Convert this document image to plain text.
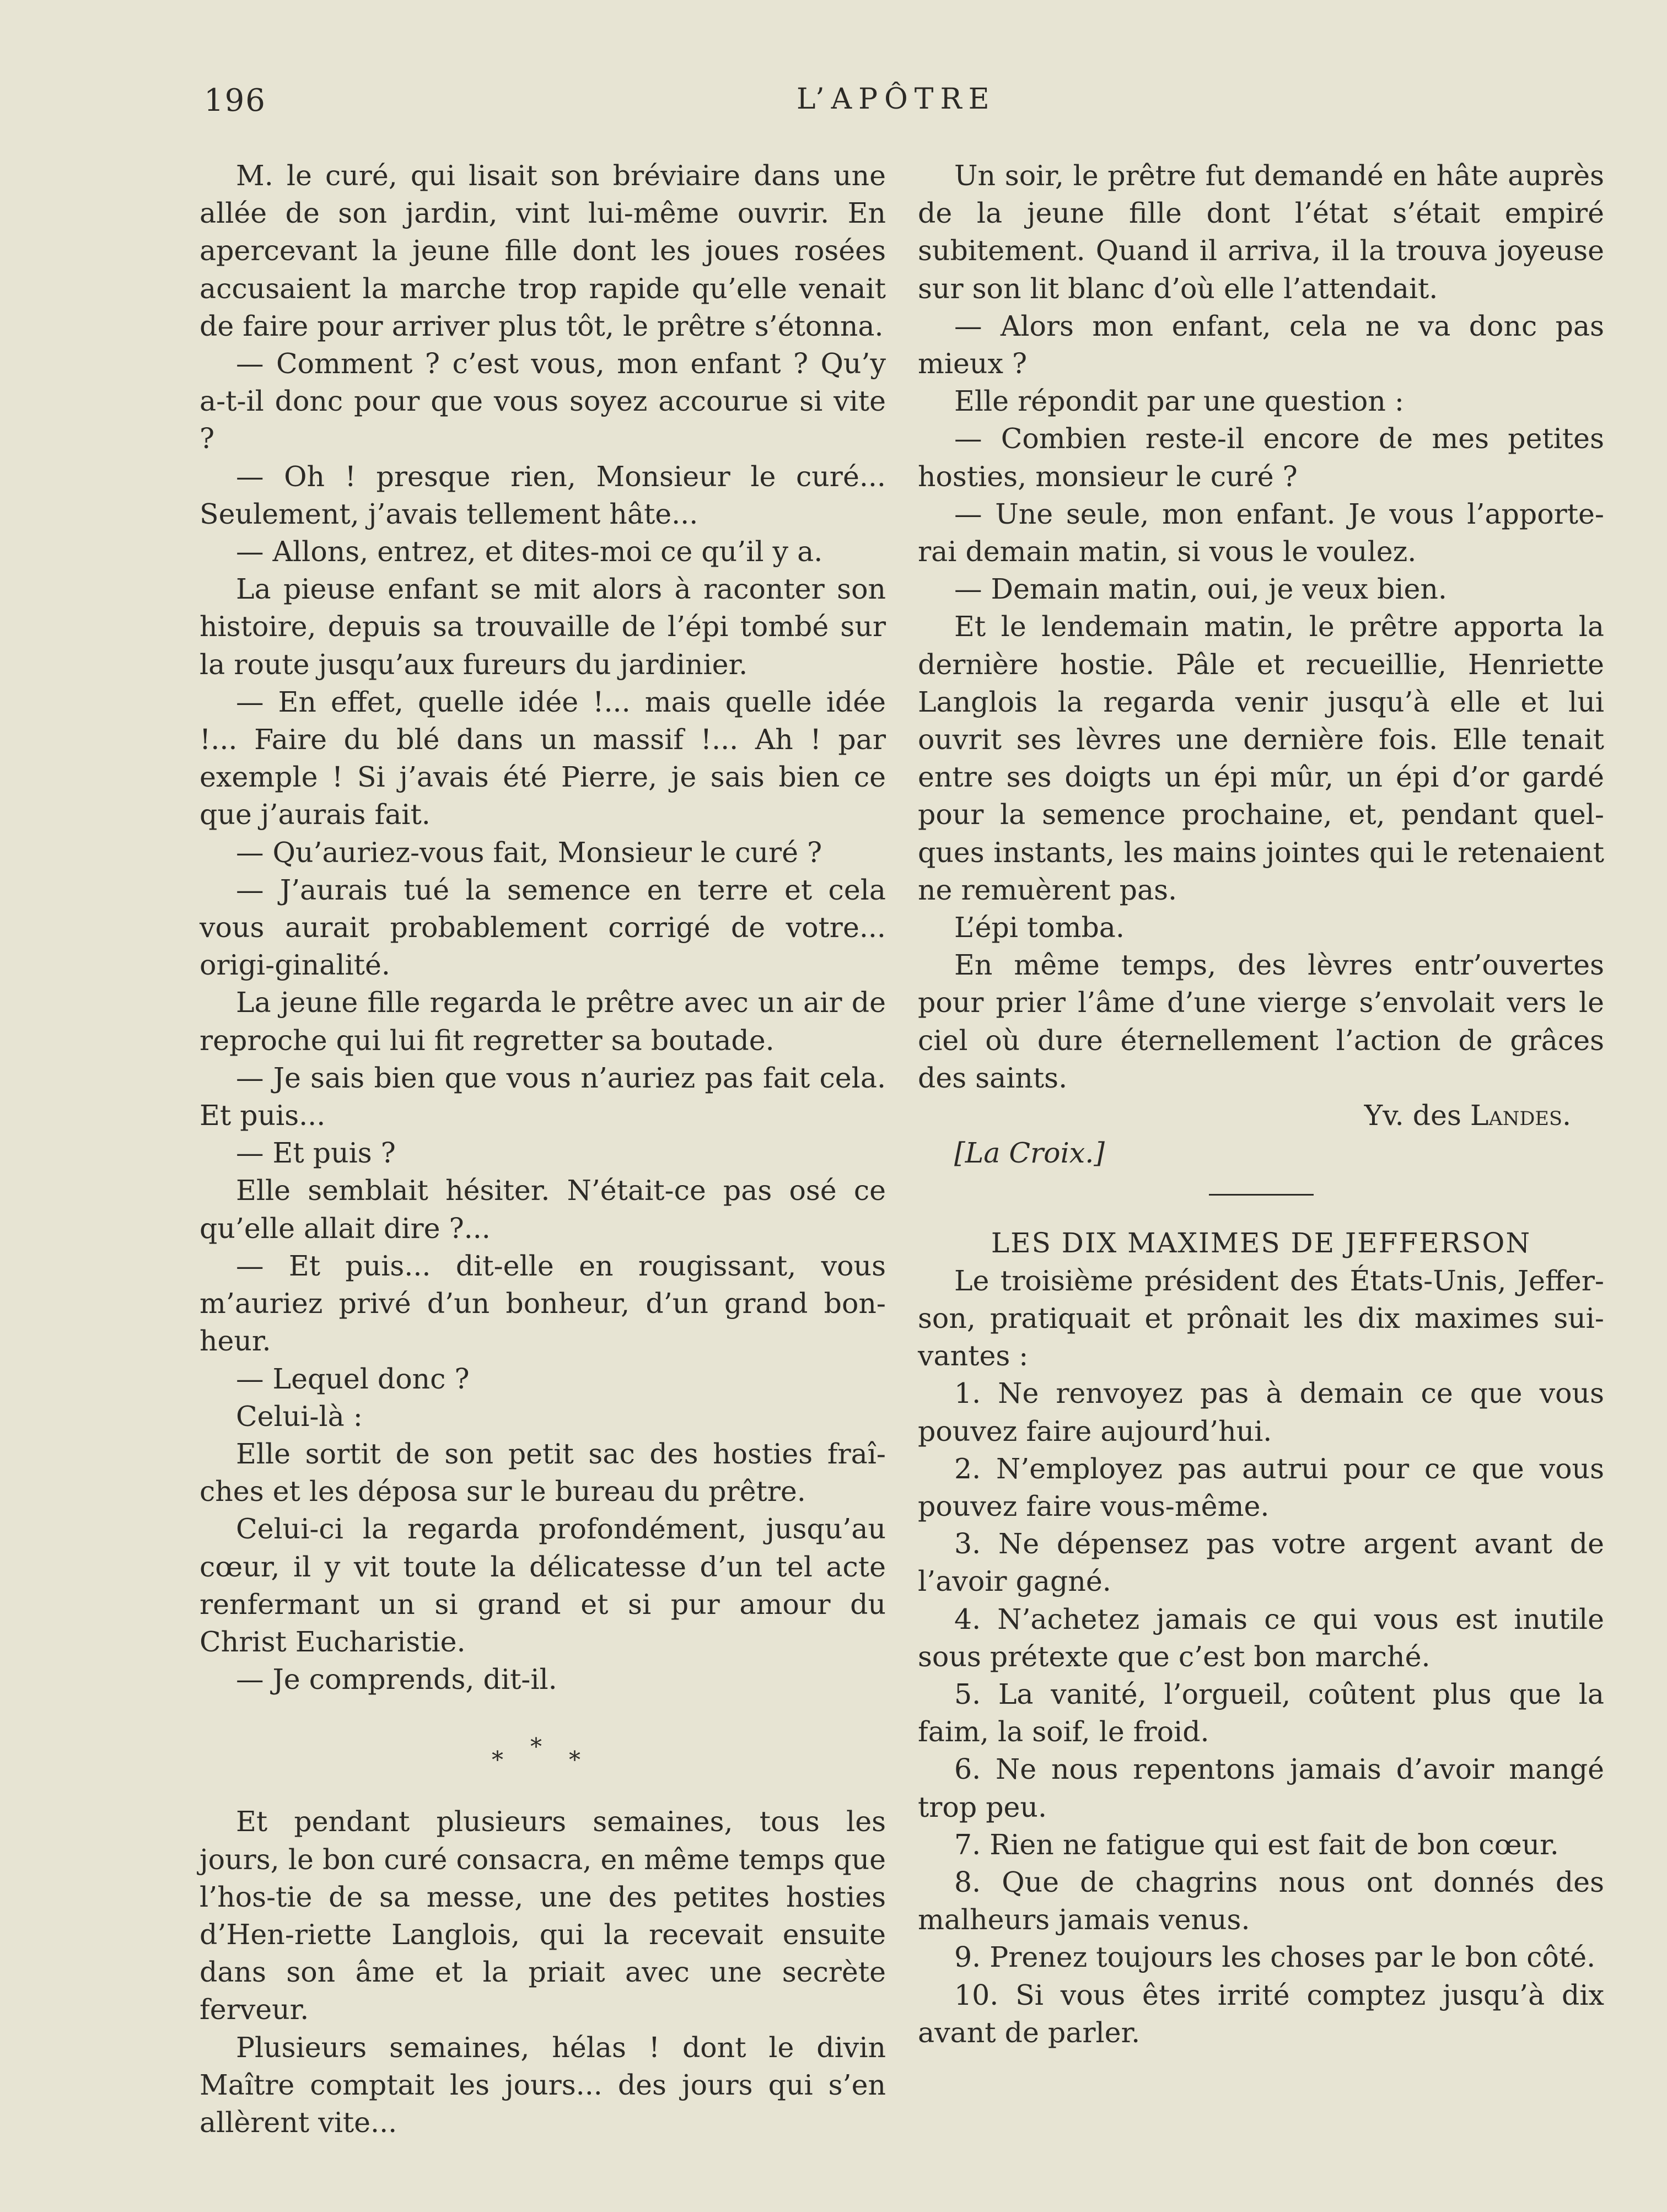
196	L’APÔTRE

M. le curé, qui lisait son bréviaire dans une allée de son jardin, vint lui-même ouvrir. En apercevant la jeune fille dont les joues rosées accusaient la marche trop rapide qu’elle venait de faire pour arriver plus tôt, le prêtre s’étonna.

— Comment ? c’est vous, mon enfant ? Qu’y a-t-il donc pour que vous soyez accourue si vite ?

— Oh ! presque rien, Monsieur le curé... Seulement, j’avais tellement hâte...

— Allons, entrez, et dites-moi ce qu’il y a.

La pieuse enfant se mit alors à raconter son histoire, depuis sa trouvaille de l’épi tombé sur la route jusqu’aux fureurs du jardinier.

— En effet, quelle idée !... mais quelle idée !... Faire du blé dans un massif !... Ah ! par exemple ! Si j’avais été Pierre, je sais bien ce que j’aurais fait.

— Qu’auriez-vous fait, Monsieur le curé ?

— J’aurais tué la semence en terre et cela vous aurait probablement corrigé de votre... origi-ginalité.

La jeune fille regarda le prêtre avec un air de reproche qui lui fit regretter sa boutade.

— Je sais bien que vous n’auriez pas fait cela. Et puis...

— Et puis ?

Elle semblait hésiter. N’était-ce pas osé ce qu’elle allait dire ?...

— Et puis... dit-elle en rougissant, vous m’auriez privé d’un bonheur, d’un grand bon-heur.

— Lequel donc ?

Celui-là :

Elle sortit de son petit sac des hosties fraî-ches et les déposa sur le bureau du prêtre.

Celui-ci la regarda profondément, jusqu’au cœur, il y vit toute la délicatesse d’un tel acte renfermant un si grand et si pur amour du Christ Eucharistie.

— Je comprends, dit-il.

* * *

Et pendant plusieurs semaines, tous les jours, le bon curé consacra, en même temps que l’hos-tie de sa messe, une des petites hosties d’Hen-riette Langlois, qui la recevait ensuite dans son âme et la priait avec une secrète ferveur.

Plusieurs semaines, hélas ! dont le divin Maître comptait les jours... des jours qui s’en allèrent vite...

Un soir, le prêtre fut demandé en hâte auprès de la jeune fille dont l’état s’était empiré subitement. Quand il arriva, il la trouva joyeuse sur son lit blanc d’où elle l’attendait.

— Alors mon enfant, cela ne va donc pas mieux ?

Elle répondit par une question :

— Combien reste-il encore de mes petites hosties, monsieur le curé ?

— Une seule, mon enfant. Je vous l’apporte-rai demain matin, si vous le voulez.

— Demain matin, oui, je veux bien.

Et le lendemain matin, le prêtre apporta la dernière hostie. Pâle et recueillie, Henriette Langlois la regarda venir jusqu’à elle et lui ouvrit ses lèvres une dernière fois. Elle tenait entre ses doigts un épi mûr, un épi d’or gardé pour la semence prochaine, et, pendant quel-ques instants, les mains jointes qui le retenaient ne remuèrent pas.

L’épi tomba.

En même temps, des lèvres entr’ouvertes pour prier l’âme d’une vierge s’envolait vers le ciel où dure éternellement l’action de grâces des saints.

Yv. des Landes.

[La Croix.]

LES DIX MAXIMES DE JEFFERSON

Le troisième président des États-Unis, Jeffer-son, pratiquait et prônait les dix maximes sui-vantes :

1. Ne renvoyez pas à demain ce que vous pouvez faire aujourd’hui.

2. N’employez pas autrui pour ce que vous pouvez faire vous-même.

3. Ne dépensez pas votre argent avant de l’avoir gagné.

4. N’achetez jamais ce qui vous est inutile sous prétexte que c’est bon marché.

5. La vanité, l’orgueil, coûtent plus que la faim, la soif, le froid.

6. Ne nous repentons jamais d’avoir mangé trop peu.

7. Rien ne fatigue qui est fait de bon cœur.

8. Que de chagrins nous ont donnés des malheurs jamais venus.

9. Prenez toujours les choses par le bon côté.

10. Si vous êtes irrité comptez jusqu’à dix avant de parler.
